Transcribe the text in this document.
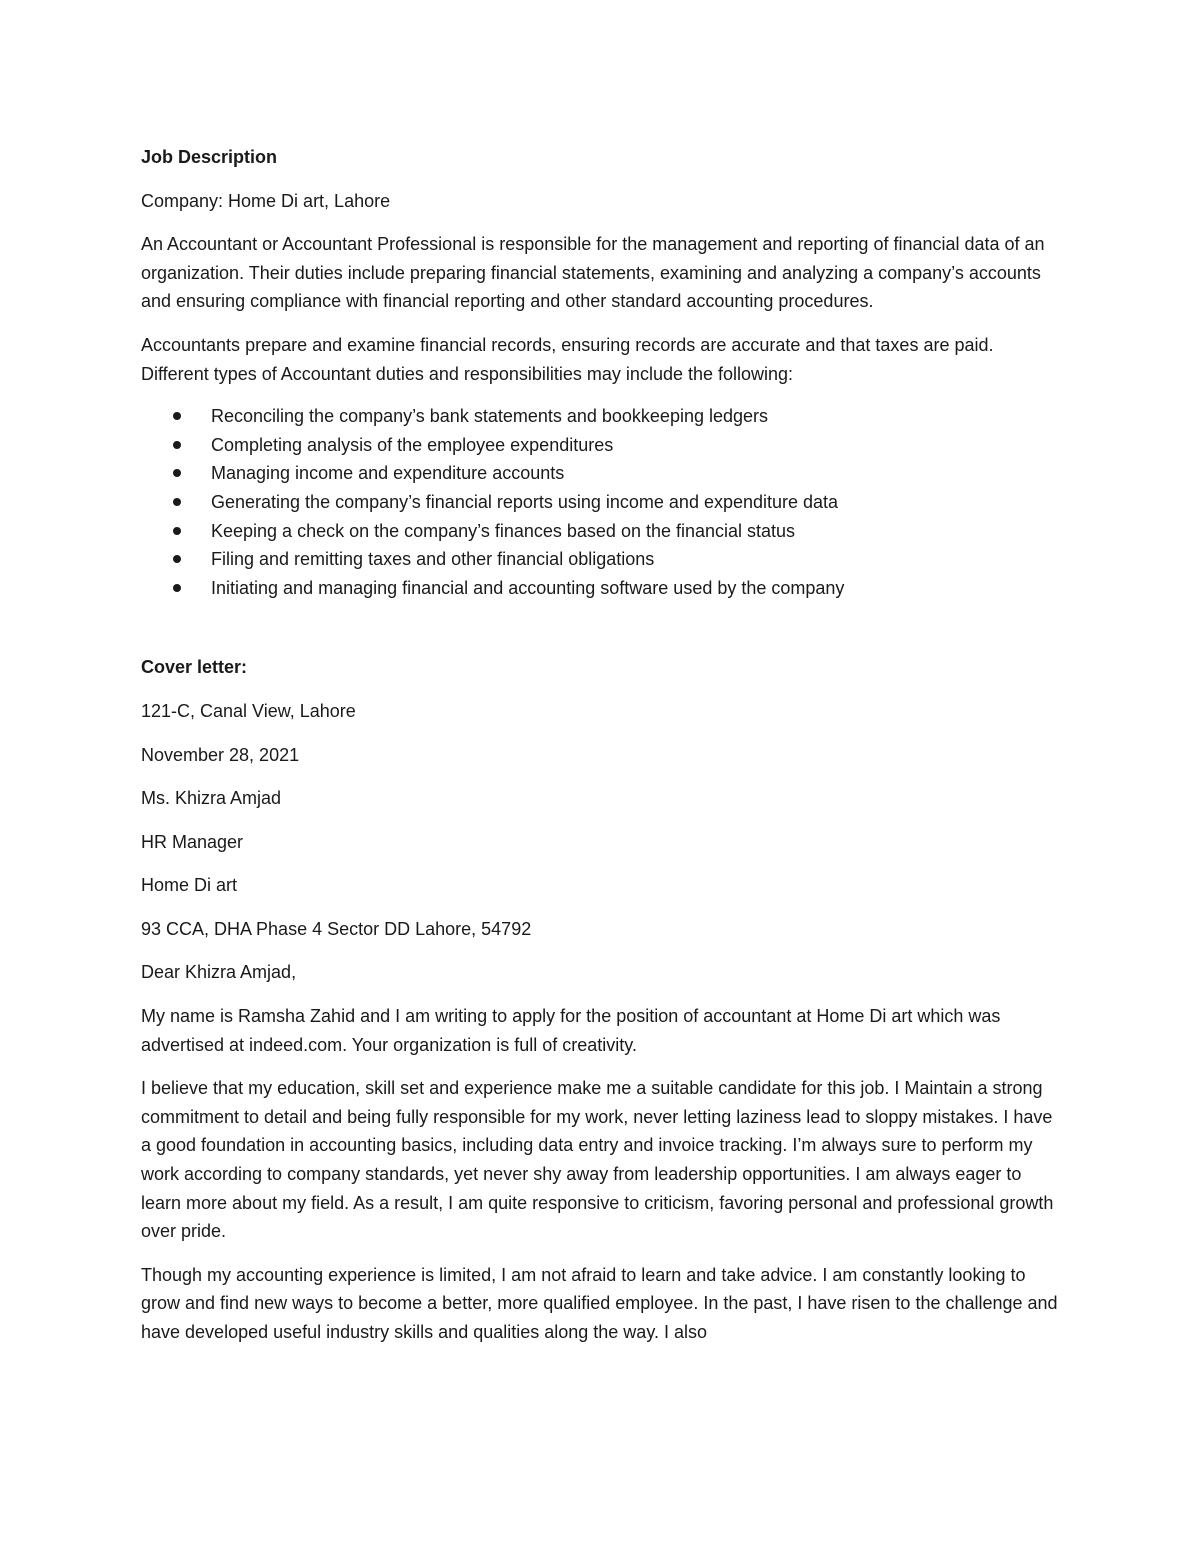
Job Description

Company: Home Di art, Lahore

An Accountant or Accountant Professional is responsible for the management and reporting of financial data of an organization. Their duties include preparing financial statements, examining and analyzing a company’s accounts and ensuring compliance with financial reporting and other standard accounting procedures.

Accountants prepare and examine financial records, ensuring records are accurate and that taxes are paid. Different types of Accountant duties and responsibilities may include the following:

Reconciling the company’s bank statements and bookkeeping ledgers
Completing analysis of the employee expenditures
Managing income and expenditure accounts
Generating the company’s financial reports using income and expenditure data
Keeping a check on the company’s finances based on the financial status
Filing and remitting taxes and other financial obligations
Initiating and managing financial and accounting software used by the company
Cover letter:

121-C, Canal View, Lahore

November 28, 2021

Ms. Khizra Amjad

HR Manager

Home Di art

93 CCA, DHA Phase 4 Sector DD Lahore, 54792

Dear Khizra Amjad,

My name is Ramsha Zahid and I am writing to apply for the position of accountant at Home Di art which was advertised at indeed.com. Your organization is full of creativity.

I believe that my education, skill set and experience make me a suitable candidate for this job. I Maintain a strong commitment to detail and being fully responsible for my work, never letting laziness lead to sloppy mistakes. I have a good foundation in accounting basics, including data entry and invoice tracking. I’m always sure to perform my work according to company standards, yet never shy away from leadership opportunities. I am always eager to learn more about my field. As a result, I am quite responsive to criticism, favoring personal and professional growth over pride.

Though my accounting experience is limited, I am not afraid to learn and take advice. I am constantly looking to grow and find new ways to become a better, more qualified employee. In the past, I have risen to the challenge and have developed useful industry skills and qualities along the way. I also
